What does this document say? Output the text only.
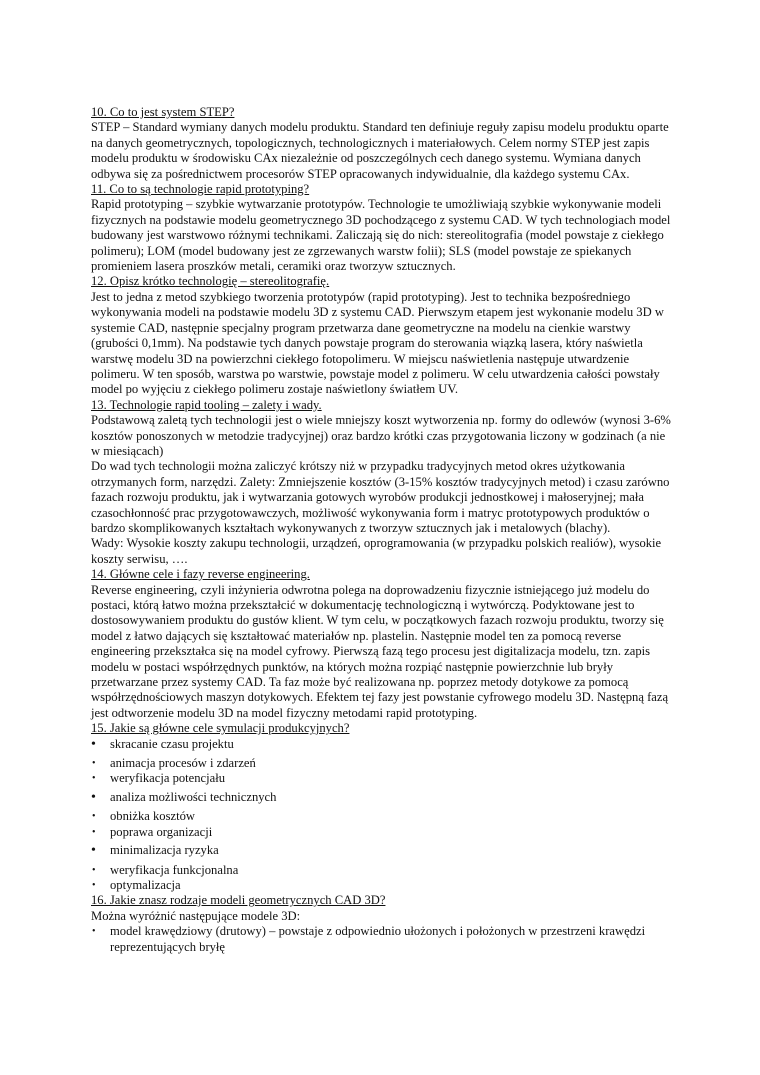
10. Co to jest system STEP?

STEP – Standard wymiany danych modelu produktu. Standard ten definiuje reguły zapisu modelu produktu oparte na danych geometrycznych, topologicznych, technologicznych i materiałowych. Celem normy STEP jest zapis modelu produktu w środowisku CAx niezależnie od poszczególnych cech danego systemu. Wymiana danych odbywa się za pośrednictwem procesorów STEP opracowanych indywidualnie, dla każdego systemu CAx.

11. Co to są technologie rapid prototyping?

Rapid prototyping – szybkie wytwarzanie prototypów. Technologie te umożliwiają szybkie wykonywanie modeli fizycznych na podstawie modelu geometrycznego 3D pochodzącego z systemu CAD. W tych technologiach model budowany jest warstwowo różnymi technikami. Zaliczają się do nich: stereolitografia (model powstaje z ciekłego polimeru); LOM (model budowany jest ze zgrzewanych warstw folii); SLS (model powstaje ze spiekanych promieniem lasera proszków metali, ceramiki oraz tworzyw sztucznych.

12. Opisz krótko technologię – stereolitografię.

Jest to jedna z metod szybkiego tworzenia prototypów (rapid prototyping). Jest to technika bezpośredniego wykonywania modeli na podstawie modelu 3D z systemu CAD. Pierwszym etapem jest wykonanie modelu 3D w systemie CAD, następnie specjalny program przetwarza dane geometryczne na modelu na cienkie warstwy (grubości 0,1mm). Na podstawie tych danych powstaje program do sterowania wiązką lasera, który naświetla warstwę modelu 3D na powierzchni ciekłego fotopolimeru. W miejscu naświetlenia następuje utwardzenie polimeru. W ten sposób, warstwa po warstwie, powstaje model z polimeru. W celu utwardzenia całości powstały model po wyjęciu z ciekłego polimeru zostaje naświetlony światłem UV.

13. Technologie rapid tooling – zalety i wady.

Podstawową zaletą tych technologii jest o wiele mniejszy koszt wytworzenia np. formy do odlewów (wynosi 3-6% kosztów ponoszonych w metodzie tradycyjnej) oraz bardzo krótki czas przygotowania liczony w godzinach (a nie w miesiącach)

Do wad tych technologii można zaliczyć krótszy niż w przypadku tradycyjnych metod okres użytkowania otrzymanych form, narzędzi. Zalety: Zmniejszenie kosztów (3-15% kosztów tradycyjnych metod) i czasu zarówno fazach rozwoju produktu, jak i wytwarzania gotowych wyrobów produkcji jednostkowej i małoseryjnej; mała czasochłonność prac przygotowawczych, możliwość wykonywania form i matryc prototypowych produktów o bardzo skomplikowanych kształtach wykonywanych z tworzyw sztucznych jak i metalowych (blachy).

Wady: Wysokie koszty zakupu technologii, urządzeń, oprogramowania (w przypadku polskich realiów), wysokie koszty serwisu, ….

14. Główne cele i fazy reverse engineering.

Reverse engineering, czyli inżynieria odwrotna polega na doprowadzeniu fizycznie istniejącego już modelu do postaci, którą łatwo można przekształcić w dokumentację technologiczną i wytwórczą. Podyktowane jest to dostosowywaniem produktu do gustów klient. W tym celu, w początkowych fazach rozwoju produktu, tworzy się model z łatwo dających się kształtować materiałów np. plastelin. Następnie model ten za pomocą reverse engineering przekształca się na model cyfrowy. Pierwszą fazą tego procesu jest digitalizacja modelu, tzn. zapis modelu w postaci współrzędnych punktów, na których można rozpiąć następnie powierzchnie lub bryły przetwarzane przez systemy CAD. Ta faz może być realizowana np. poprzez metody dotykowe za pomocą współrzędnościowych maszyn dotykowych. Efektem tej fazy jest powstanie cyfrowego modelu 3D. Następną fazą jest odtworzenie modelu 3D na model fizyczny metodami rapid prototyping.

15. Jakie są główne cele symulacji produkcyjnych?

• skracanie czasu projektu
• animacja procesów i zdarzeń
• weryfikacja potencjału
• analiza możliwości technicznych
• obniżka kosztów
• poprawa organizacji
• minimalizacja ryzyka
• weryfikacja funkcjonalna
• optymalizacja

16. Jakie znasz rodzaje modeli geometrycznych CAD 3D?

Można wyróżnić następujące modele 3D:

• model krawędziowy (drutowy) – powstaje z odpowiednio ułożonych i położonych w przestrzeni krawędzi reprezentujących bryłę
